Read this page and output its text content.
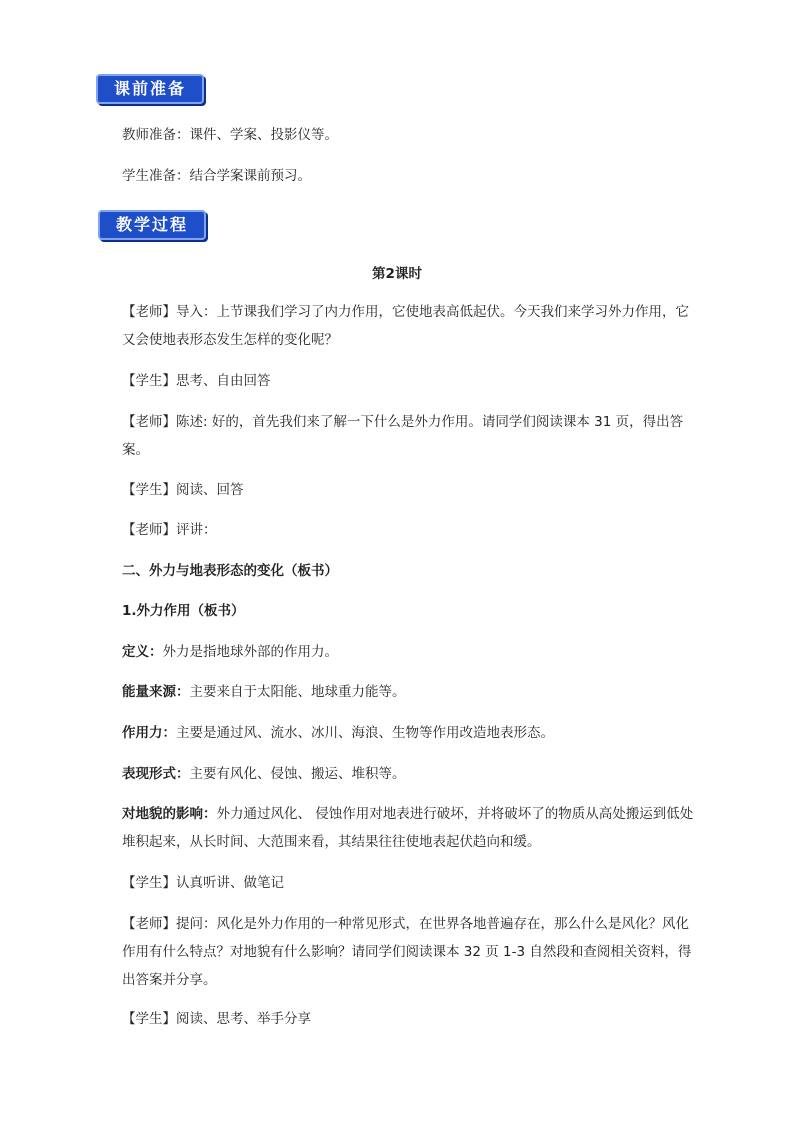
课前准备
教师准备：课件、学案、投影仪等。
学生准备：结合学案课前预习。
教学过程
第2课时
【老师】导入：上节课我们学习了内力作用，它使地表高低起伏。今天我们来学习外力作用，它又会使地表形态发生怎样的变化呢？
【学生】思考、自由回答
【老师】陈述: 好的，首先我们来了解一下什么是外力作用。请同学们阅读课本 31 页，得出答案。
【学生】阅读、回答
【老师】评讲：
二、外力与地表形态的变化（板书）
1.外力作用（板书）
定义：外力是指地球外部的作用力。
能量来源：主要来自于太阳能、地球重力能等。
作用力：主要是通过风、流水、冰川、海浪、生物等作用改造地表形态。
表现形式：主要有风化、侵蚀、搬运、堆积等。
对地貌的影响：外力通过风化、 侵蚀作用对地表进行破坏，并将破坏了的物质从高处搬运到低处堆积起来，从长时间、大范围来看，其结果往往使地表起伏趋向和缓。
【学生】认真听讲、做笔记
【老师】提问：风化是外力作用的一种常见形式，在世界各地普遍存在，那么什么是风化？风化作用有什么特点？对地貌有什么影响？请同学们阅读课本 32 页 1-3 自然段和查阅相关资料，得出答案并分享。
【学生】阅读、思考、举手分享
